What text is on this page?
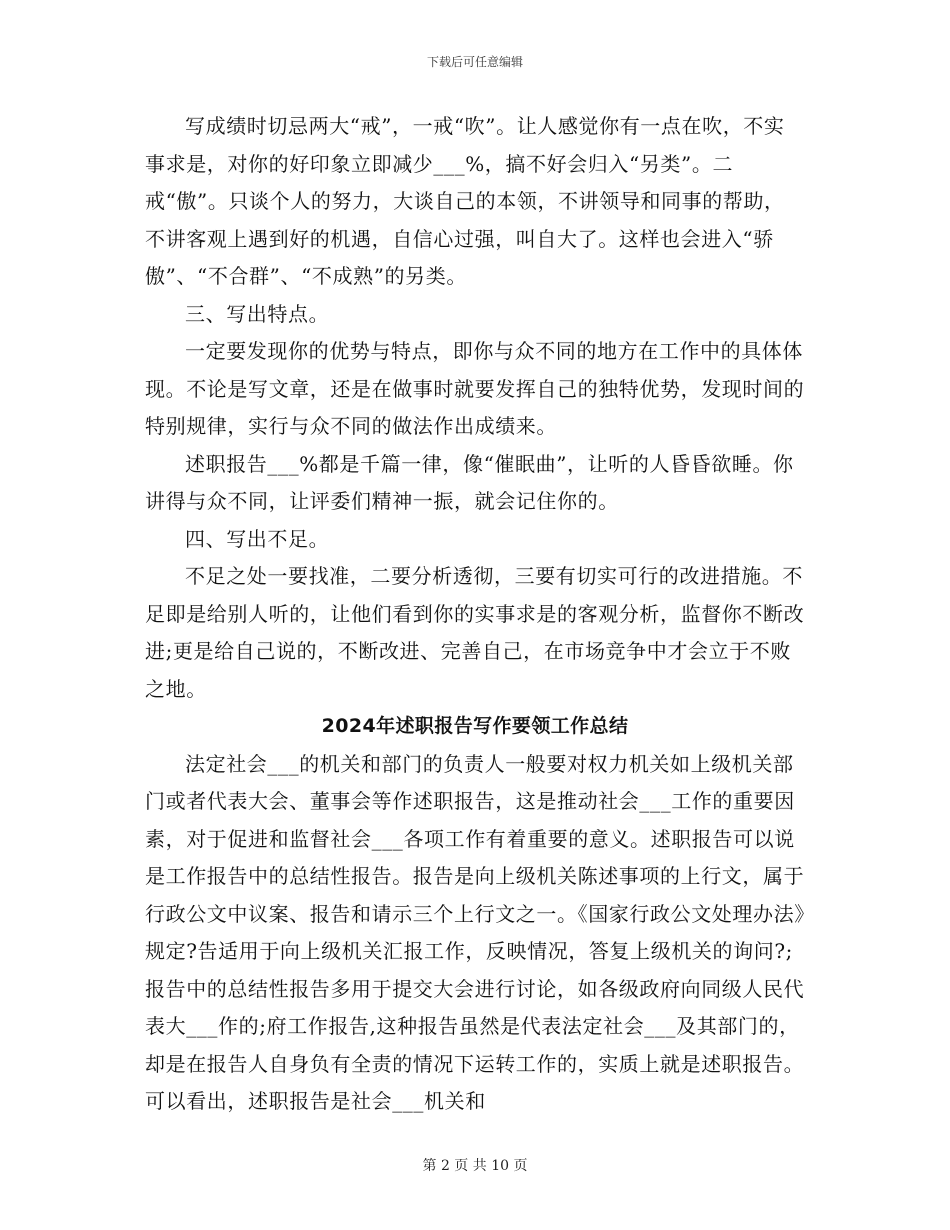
下载后可任意编辑

写成绩时切忌两大“戒”，一戒“吹”。让人感觉你有一点在吹，不实事求是，对你的好印象立即减少___%，搞不好会归入“另类”。二戒“傲”。只谈个人的努力，大谈自己的本领，不讲领导和同事的帮助，不讲客观上遇到好的机遇，自信心过强，叫自大了。这样也会进入“骄傲”、“不合群”、“不成熟”的另类。

三、写出特点。

一定要发现你的优势与特点，即你与众不同的地方在工作中的具体体现。不论是写文章，还是在做事时就要发挥自己的独特优势，发现时间的特别规律，实行与众不同的做法作出成绩来。

述职报告___%都是千篇一律，像“催眠曲”，让听的人昏昏欲睡。你讲得与众不同，让评委们精神一振，就会记住你的。

四、写出不足。

不足之处一要找准，二要分析透彻，三要有切实可行的改进措施。不足即是给别人听的，让他们看到你的实事求是的客观分析，监督你不断改进;更是给自己说的，不断改进、完善自己，在市场竞争中才会立于不败之地。

2024年述职报告写作要领工作总结

法定社会___的机关和部门的负责人一般要对权力机关如上级机关部门或者代表大会、董事会等作述职报告，这是推动社会___工作的重要因素，对于促进和监督社会___各项工作有着重要的意义。述职报告可以说是工作报告中的总结性报告。报告是向上级机关陈述事项的上行文，属于行政公文中议案、报告和请示三个上行文之一。《国家行政公文处理办法》规定?告适用于向上级机关汇报工作，反映情况，答复上级机关的询问?;报告中的总结性报告多用于提交大会进行讨论，如各级政府向同级人民代表大___作的;府工作报告,这种报告虽然是代表法定社会___及其部门的，却是在报告人自身负有全责的情况下运转工作的，实质上就是述职报告。可以看出，述职报告是社会___机关和

第 2 页 共 10 页
